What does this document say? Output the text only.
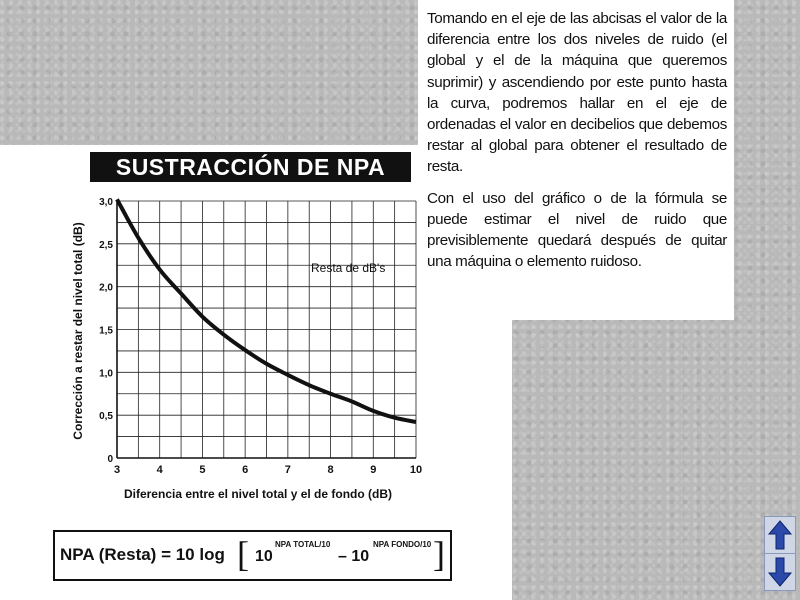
Tomando en el eje de las abcisas el valor de la diferencia entre los dos niveles de ruido (el global y el de la máquina que queremos suprimir) y ascendiendo por este punto hasta la curva, podremos hallar en el eje de ordenadas el valor en decibelios que debemos restar al global para obtener el resultado de resta.

Con el uso del gráfico o de la fórmula se puede estimar el nivel de ruido que previsiblemente quedará después de quitar una máquina o elemento ruidoso.

SUSTRACCIÓN DE NPA
3	4	5	6	7	8	9	10
0
0,5
1,0
1,5
2,0
2,5
3,0
Resta de dB's
Diferencia entre el nivel total y el de fondo (dB)
Corrección a restar del nivel total (dB)
NPA (Resta) = 10 log [ 10
NPA TOTAL/10
– 10
NPA FONDO/10 ]
